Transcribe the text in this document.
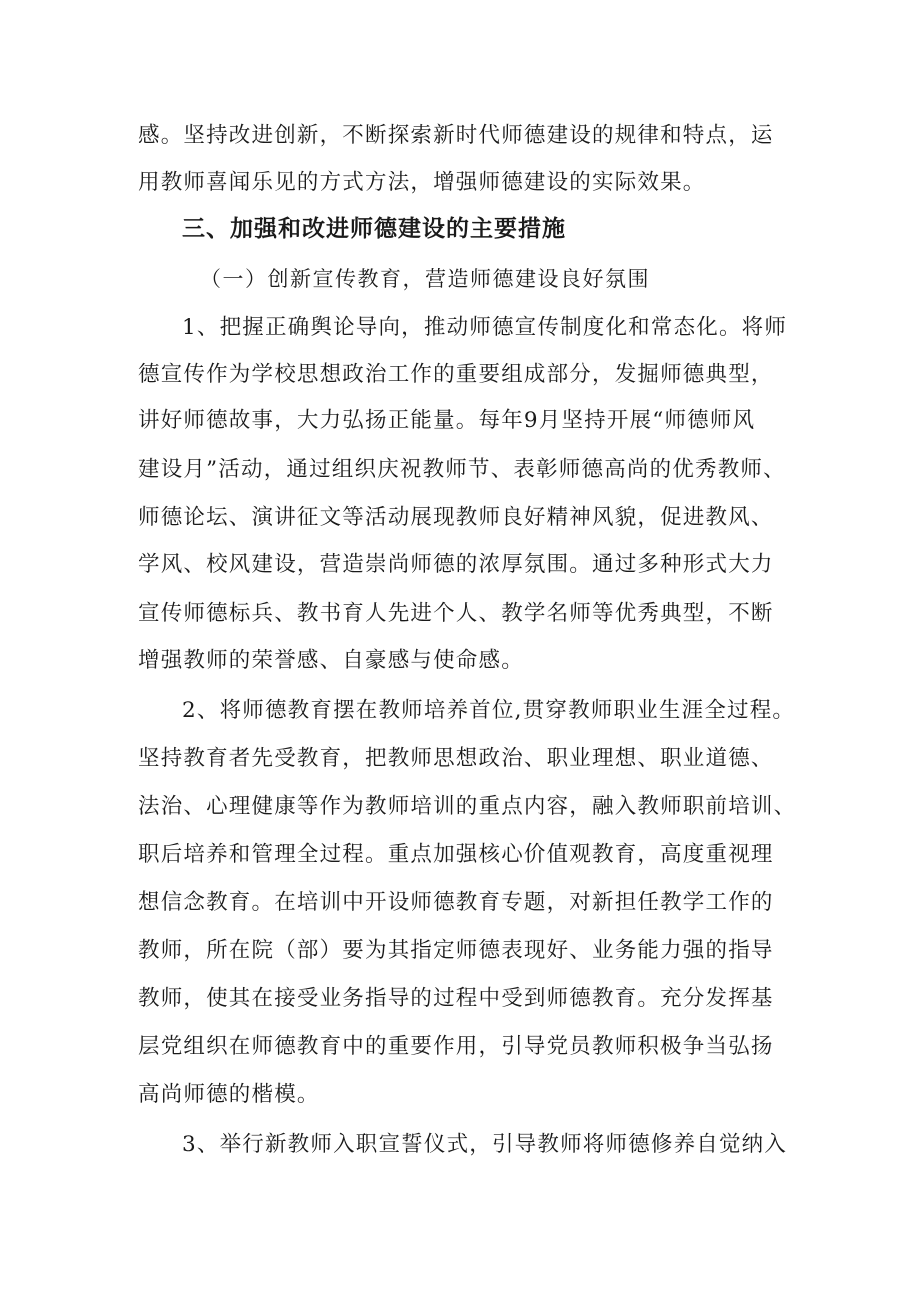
感。坚持改进创新，不断探索新时代师德建设的规律和特点，运
用教师喜闻乐见的方式方法，增强师德建设的实际效果。
三、加强和改进师德建设的主要措施
（一）创新宣传教育，营造师德建设良好氛围
1、把握正确舆论导向，推动师德宣传制度化和常态化。将师
德宣传作为学校思想政治工作的重要组成部分，发掘师德典型，
讲好师德故事，大力弘扬正能量。每年9月坚持开展“师德师风
建设月”活动，通过组织庆祝教师节、表彰师德高尚的优秀教师、
师德论坛、演讲征文等活动展现教师良好精神风貌，促进教风、
学风、校风建设，营造崇尚师德的浓厚氛围。通过多种形式大力
宣传师德标兵、教书育人先进个人、教学名师等优秀典型，不断
增强教师的荣誉感、自豪感与使命感。
2、将师德教育摆在教师培养首位,贯穿教师职业生涯全过程。
坚持教育者先受教育，把教师思想政治、职业理想、职业道德、
法治、心理健康等作为教师培训的重点内容，融入教师职前培训、
职后培养和管理全过程。重点加强核心价值观教育，高度重视理
想信念教育。在培训中开设师德教育专题，对新担任教学工作的
教师，所在院（部）要为其指定师德表现好、业务能力强的指导
教师，使其在接受业务指导的过程中受到师德教育。充分发挥基
层党组织在师德教育中的重要作用，引导党员教师积极争当弘扬
高尚师德的楷模。
3、举行新教师入职宣誓仪式，引导教师将师德修养自觉纳入
